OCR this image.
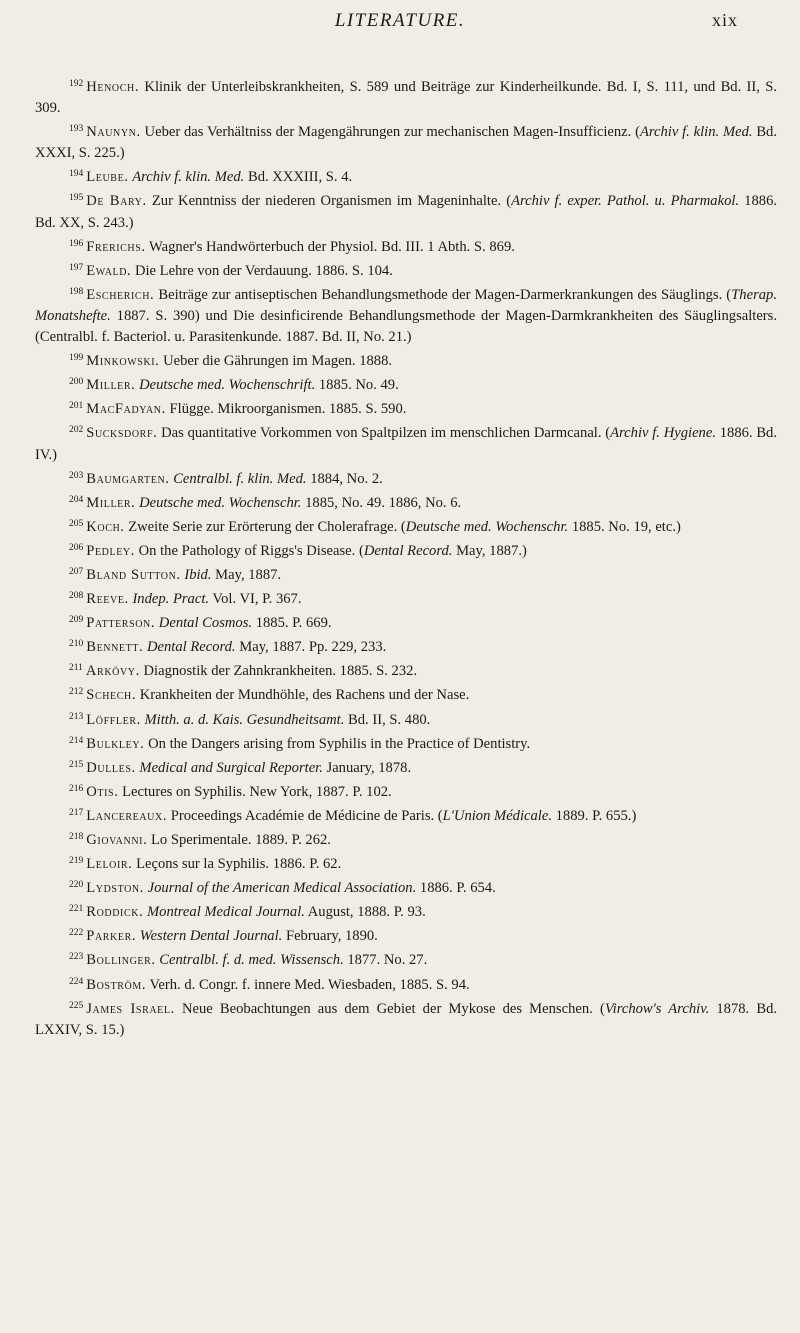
LITERATURE.	xix

$^{192}$ Henoch. Klinik der Unterleibskrankheiten, S. 589 und Beiträge zur Kinderheilkunde. Bd. I, S. 111, und Bd. II, S. 309.

$^{193}$ Naunyn. Ueber das Verhältniss der Magengährungen zur mechanischen Magen-Insufficienz. (Archiv f. klin. Med. Bd. XXXI, S. 225.)

$^{194}$ Leube. Archiv f. klin. Med. Bd. XXXIII, S. 4.

$^{195}$ De Bary. Zur Kenntniss der niederen Organismen im Mageninhalte. (Archiv f. exper. Pathol. u. Pharmakol. 1886. Bd. XX, S. 243.)

$^{196}$ Frerichs. Wagner's Handwörterbuch der Physiol. Bd. III. 1 Abth. S. 869.

$^{197}$ Ewald. Die Lehre von der Verdauung. 1886. S. 104.

$^{198}$ Escherich. Beiträge zur antiseptischen Behandlungsmethode der Magen-Darmerkrankungen des Säuglings. (Therap. Monatshefte. 1887. S. 390) und Die desinficirende Behandlungsmethode der Magen-Darmkrankheiten des Säuglingsalters. (Centralbl. f. Bacteriol. u. Parasitenkunde. 1887. Bd. II, No. 21.)

$^{199}$ Minkowski. Ueber die Gährungen im Magen. 1888.

$^{200}$ Miller. Deutsche med. Wochenschrift. 1885. No. 49.

$^{201}$ MacFadyan. Flügge. Mikroorganismen. 1885. S. 590.

$^{202}$ Sucksdorf. Das quantitative Vorkommen von Spaltpilzen im menschlichen Darmcanal. (Archiv f. Hygiene. 1886. Bd. IV.)

$^{203}$ Baumgarten. Centralbl. f. klin. Med. 1884, No. 2.

$^{204}$ Miller. Deutsche med. Wochenschr. 1885, No. 49. 1886, No. 6.

$^{205}$ Koch. Zweite Serie zur Erörterung der Cholerafrage. (Deutsche med. Wochenschr. 1885. No. 19, etc.)

$^{206}$ Pedley. On the Pathology of Riggs's Disease. (Dental Record. May, 1887.)

$^{207}$ Bland Sutton. Ibid. May, 1887.

$^{208}$ Reeve. Indep. Pract. Vol. VI, P. 367.

$^{209}$ Patterson. Dental Cosmos. 1885. P. 669.

$^{210}$ Bennett. Dental Record. May, 1887. Pp. 229, 233.

$^{211}$ Arkövy. Diagnostik der Zahnkrankheiten. 1885. S. 232.

$^{212}$ Schech. Krankheiten der Mundhöhle, des Rachens und der Nase.

$^{213}$ Löffler. Mitth. a. d. Kais. Gesundheitsamt. Bd. II, S. 480.

$^{214}$ Bulkley. On the Dangers arising from Syphilis in the Practice of Dentistry.

$^{215}$ Dulles. Medical and Surgical Reporter. January, 1878.

$^{216}$ Otis. Lectures on Syphilis. New York, 1887. P. 102.

$^{217}$ Lancereaux. Proceedings Académie de Médicine de Paris. (L'Union Médicale. 1889. P. 655.)

$^{218}$ Giovanni. Lo Sperimentale. 1889. P. 262.

$^{219}$ Leloir. Leçons sur la Syphilis. 1886. P. 62.

$^{220}$ Lydston. Journal of the American Medical Association. 1886. P. 654.

$^{221}$ Roddick. Montreal Medical Journal. August, 1888. P. 93.

$^{222}$ Parker. Western Dental Journal. February, 1890.

$^{223}$ Bollinger. Centralbl. f. d. med. Wissensch. 1877. No. 27.

$^{224}$ Boström. Verh. d. Congr. f. innere Med. Wiesbaden, 1885. S. 94.

$^{225}$ James Israel. Neue Beobachtungen aus dem Gebiet der Mykose des Menschen. (Virchow's Archiv. 1878. Bd. LXXIV, S. 15.)
